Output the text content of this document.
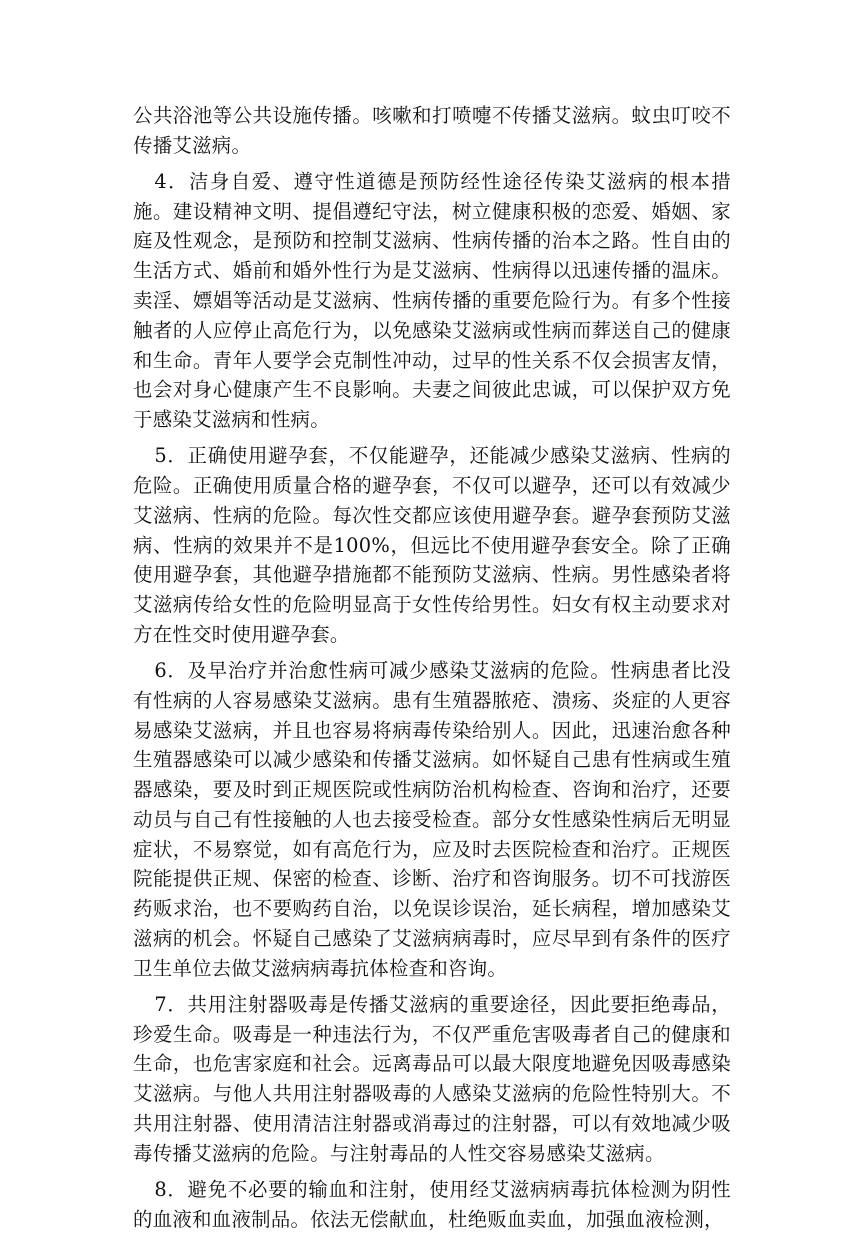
公共浴池等公共设施传播。咳嗽和打喷嚏不传播艾滋病。蚊虫叮咬不传播艾滋病。

4．洁身自爱、遵守性道德是预防经性途径传染艾滋病的根本措施。建设精神文明、提倡遵纪守法，树立健康积极的恋爱、婚姻、家庭及性观念，是预防和控制艾滋病、性病传播的治本之路。性自由的生活方式、婚前和婚外性行为是艾滋病、性病得以迅速传播的温床。卖淫、嫖娼等活动是艾滋病、性病传播的重要危险行为。有多个性接触者的人应停止高危行为，以免感染艾滋病或性病而葬送自己的健康和生命。青年人要学会克制性冲动，过早的性关系不仅会损害友情，也会对身心健康产生不良影响。夫妻之间彼此忠诚，可以保护双方免于感染艾滋病和性病。

5．正确使用避孕套，不仅能避孕，还能减少感染艾滋病、性病的危险。正确使用质量合格的避孕套，不仅可以避孕，还可以有效减少艾滋病、性病的危险。每次性交都应该使用避孕套。避孕套预防艾滋病、性病的效果并不是100%，但远比不使用避孕套安全。除了正确使用避孕套，其他避孕措施都不能预防艾滋病、性病。男性感染者将艾滋病传给女性的危险明显高于女性传给男性。妇女有权主动要求对方在性交时使用避孕套。

6．及早治疗并治愈性病可减少感染艾滋病的危险。性病患者比没有性病的人容易感染艾滋病。患有生殖器脓疮、溃疡、炎症的人更容易感染艾滋病，并且也容易将病毒传染给别人。因此，迅速治愈各种生殖器感染可以减少感染和传播艾滋病。如怀疑自己患有性病或生殖器感染，要及时到正规医院或性病防治机构检查、咨询和治疗，还要动员与自己有性接触的人也去接受检查。部分女性感染性病后无明显症状，不易察觉，如有高危行为，应及时去医院检查和治疗。正规医院能提供正规、保密的检查、诊断、治疗和咨询服务。切不可找游医药贩求治，也不要购药自治，以免误诊误治，延长病程，增加感染艾滋病的机会。怀疑自己感染了艾滋病病毒时，应尽早到有条件的医疗卫生单位去做艾滋病病毒抗体检查和咨询。

7．共用注射器吸毒是传播艾滋病的重要途径，因此要拒绝毒品，珍爱生命。吸毒是一种违法行为，不仅严重危害吸毒者自己的健康和生命，也危害家庭和社会。远离毒品可以最大限度地避免因吸毒感染艾滋病。与他人共用注射器吸毒的人感染艾滋病的危险性特别大。不共用注射器、使用清洁注射器或消毒过的注射器，可以有效地减少吸毒传播艾滋病的危险。与注射毒品的人性交容易感染艾滋病。

8．避免不必要的输血和注射，使用经艾滋病病毒抗体检测为阴性的血液和血液制品。依法无偿献血，杜绝贩血卖血，加强血液检测，
